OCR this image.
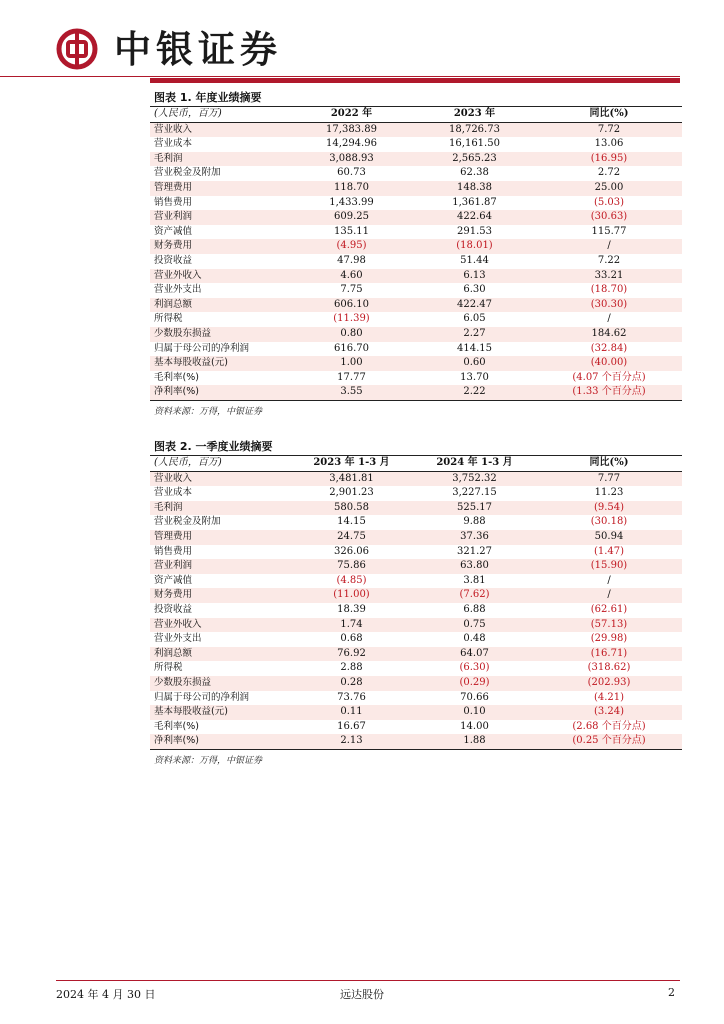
中银证券
图表 1. 年度业绩摘要
(人民币，百万)	2022 年	2023 年	同比(%)
营业收入	17,383.89	18,726.73	7.72
营业成本	14,294.96	16,161.50	13.06
毛利润	3,088.93	2,565.23	(16.95)
营业税金及附加	60.73	62.38	2.72
管理费用	118.70	148.38	25.00
销售费用	1,433.99	1,361.87	(5.03)
营业利润	609.25	422.64	(30.63)
资产减值	135.11	291.53	115.77
财务费用	(4.95)	(18.01)	/
投资收益	47.98	51.44	7.22
营业外收入	4.60	6.13	33.21
营业外支出	7.75	6.30	(18.70)
利润总额	606.10	422.47	(30.30)
所得税	(11.39)	6.05	/
少数股东损益	0.80	2.27	184.62
归属于母公司的净利润	616.70	414.15	(32.84)
基本每股收益(元)	1.00	0.60	(40.00)
毛利率(%)	17.77	13.70	(4.07 个百分点)
净利率(%)	3.55	2.22	(1.33 个百分点)
资料来源：万得，中银证券
图表 2. 一季度业绩摘要
(人民币，百万)	2023 年 1-3 月	2024 年 1-3 月	同比(%)
营业收入	3,481.81	3,752.32	7.77
营业成本	2,901.23	3,227.15	11.23
毛利润	580.58	525.17	(9.54)
营业税金及附加	14.15	9.88	(30.18)
管理费用	24.75	37.36	50.94
销售费用	326.06	321.27	(1.47)
营业利润	75.86	63.80	(15.90)
资产减值	(4.85)	3.81	/
财务费用	(11.00)	(7.62)	/
投资收益	18.39	6.88	(62.61)
营业外收入	1.74	0.75	(57.13)
营业外支出	0.68	0.48	(29.98)
利润总额	76.92	64.07	(16.71)
所得税	2.88	(6.30)	(318.62)
少数股东损益	0.28	(0.29)	(202.93)
归属于母公司的净利润	73.76	70.66	(4.21)
基本每股收益(元)	0.11	0.10	(3.24)
毛利率(%)	16.67	14.00	(2.68 个百分点)
净利率(%)	2.13	1.88	(0.25 个百分点)
资料来源：万得，中银证券
2024 年 4 月 30 日	远达股份	2
